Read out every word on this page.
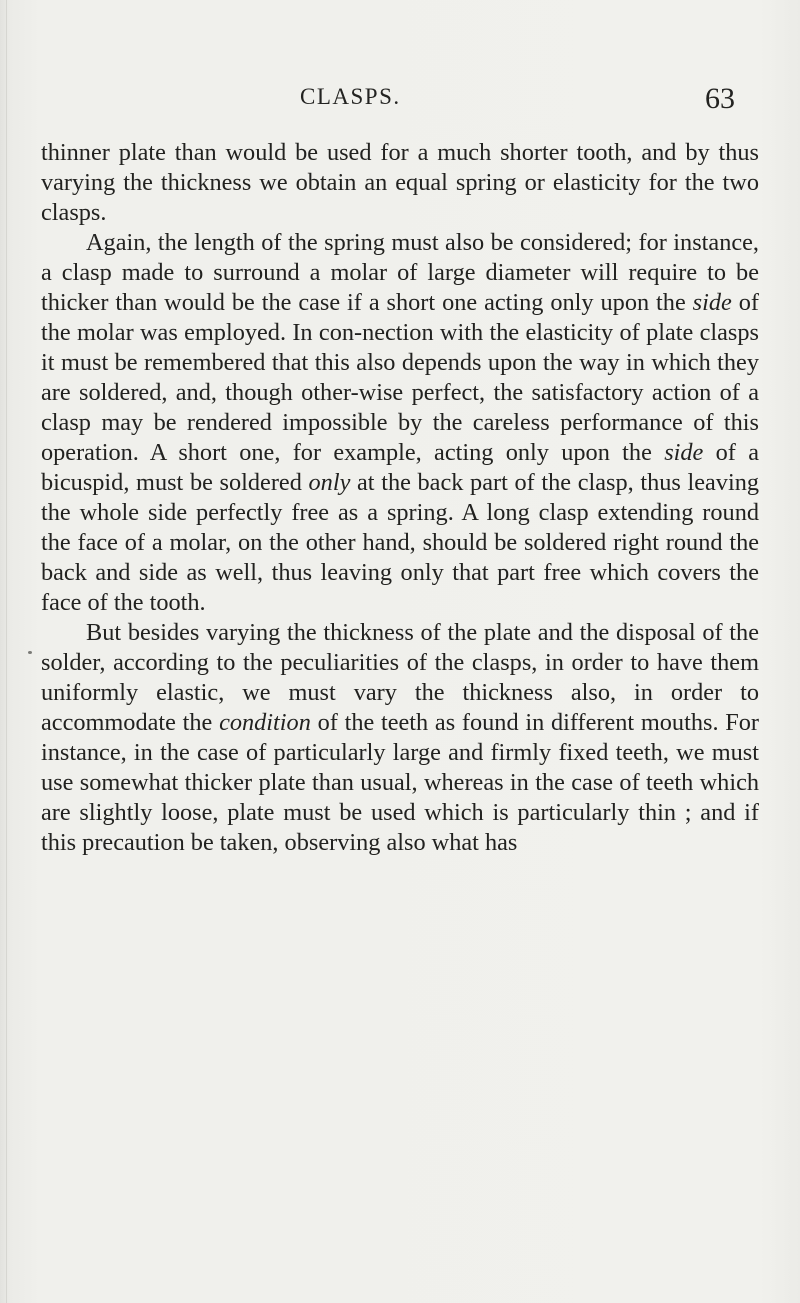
CLASPS.	63

thinner plate than would be used for a much shorter tooth, and by thus varying the thickness we obtain an equal spring or elasticity for the two clasps.

Again, the length of the spring must also be considered; for instance, a clasp made to surround a molar of large diameter will require to be thicker than would be the case if a short one acting only upon the side of the molar was employed. In con-nection with the elasticity of plate clasps it must be remembered that this also depends upon the way in which they are soldered, and, though other-wise perfect, the satisfactory action of a clasp may be rendered impossible by the careless performance of this operation. A short one, for example, acting only upon the side of a bicuspid, must be soldered only at the back part of the clasp, thus leaving the whole side perfectly free as a spring. A long clasp extending round the face of a molar, on the other hand, should be soldered right round the back and side as well, thus leaving only that part free which covers the face of the tooth.

But besides varying the thickness of the plate and the disposal of the solder, according to the peculiarities of the clasps, in order to have them uniformly elastic, we must vary the thickness also, in order to accommodate the condition of the teeth as found in different mouths. For instance, in the case of particularly large and firmly fixed teeth, we must use somewhat thicker plate than usual, whereas in the case of teeth which are slightly loose, plate must be used which is particularly thin ; and if this precaution be taken, observing also what has
